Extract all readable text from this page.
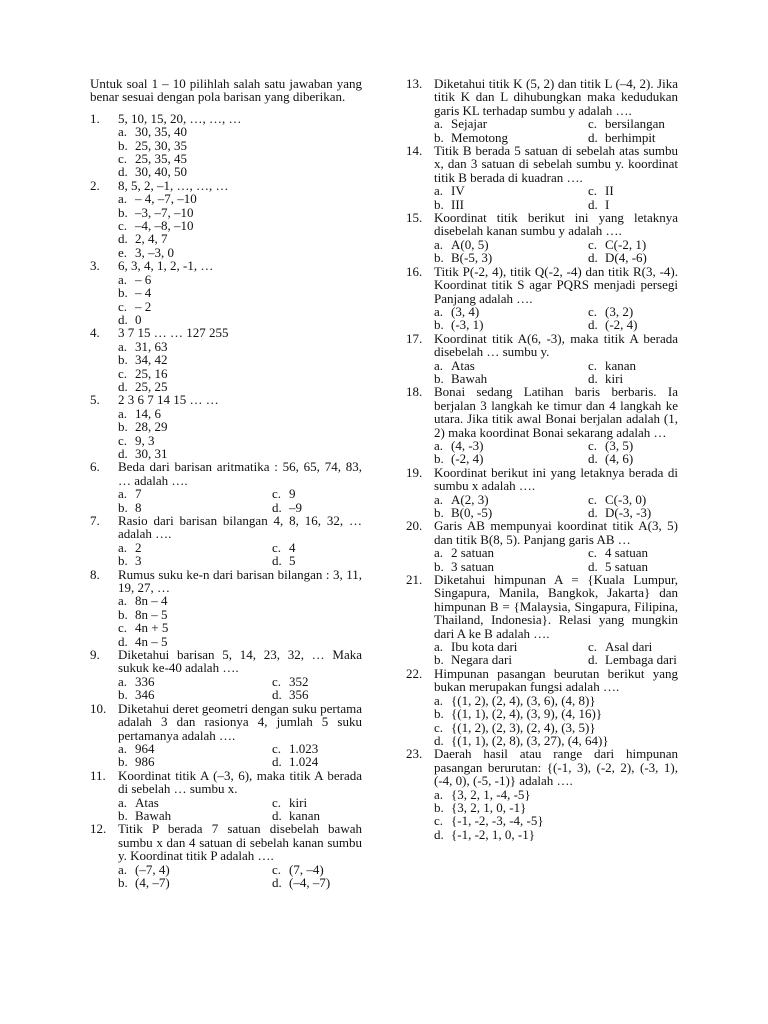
Untuk soal 1 – 10 pilihlah salah satu jawaban yang benar sesuai dengan pola barisan yang diberikan.

1.	5, 10, 15, 20, …, …, …
a. 30, 35, 40
b. 25, 30, 35
c. 25, 35, 45
d. 30, 40, 50
2.	8, 5, 2, –1, …, …, …
a. – 4, –7, –10
b. –3, –7, –10
c. –4, –8, –10
d. 2, 4, 7
e. 3, –3, 0
3.	6, 3, 4, 1, 2, -1, …
a. – 6
b. – 4
c. – 2
d. 0
4.	3 7 15 … … 127 255
a. 31, 63
b. 34, 42
c. 25, 16
d. 25, 25
5.	2 3 6 7 14 15 … …
a. 14, 6
b. 28, 29
c. 9, 3
d. 30, 31
6.	Beda dari barisan aritmatika : 56, 65, 74, 83, … adalah ….
a. 7	c. 9
b. 8	d. –9
7.	Rasio dari barisan bilangan 4, 8, 16, 32, … adalah ….
a. 2	c. 4
b. 3	d. 5
8.	Rumus suku ke-n dari barisan bilangan : 3, 11, 19, 27, …
a. 8n – 4
b. 8n – 5
c. 4n + 5
d. 4n – 5
9.	Diketahui barisan 5, 14, 23, 32, … Maka sukuk ke-40 adalah ….
a. 336	c. 352
b. 346	d. 356
10. Diketahui deret geometri dengan suku pertama adalah 3 dan rasionya 4, jumlah 5 suku pertamanya adalah ….
a. 964	c. 1.023
b. 986	d. 1.024
11. Koordinat titik A (–3, 6), maka titik A berada di sebelah … sumbu x.
a. Atas	c. kiri
b. Bawah	d. kanan
12. Titik P berada 7 satuan disebelah bawah sumbu x dan 4 satuan di sebelah kanan sumbu y. Koordinat titik P adalah ….
a. (–7, 4)	c. (7, –4)
b. (4, –7)	d. (–4, –7)
13. Diketahui titik K (5, 2) dan titik L (–4, 2). Jika titik K dan L dihubungkan maka kedudukan garis KL terhadap sumbu y adalah ….
a. Sejajar	c. bersilangan
b. Memotong	d. berhimpit
14. Titik B berada 5 satuan di sebelah atas sumbu x, dan 3 satuan di sebelah sumbu y. koordinat titik B berada di kuadran ….
a. IV	c. II
b. III	d. I
15. Koordinat titik berikut ini yang letaknya disebelah kanan sumbu y adalah ….
a. A(0, 5)	c. C(-2, 1)
b. B(-5, 3)	d. D(4, -6)
16. Titik P(-2, 4), titik Q(-2, -4) dan titik R(3, -4). Koordinat titik S agar PQRS menjadi persegi Panjang adalah ….
a. (3, 4)	c. (3, 2)
b. (-3, 1)	d. (-2, 4)
17. Koordinat titik A(6, -3), maka titik A berada disebelah … sumbu y.
a. Atas	c. kanan
b. Bawah	d. kiri
18. Bonai sedang Latihan baris berbaris. Ia berjalan 3 langkah ke timur dan 4 langkah ke utara. Jika titik awal Bonai berjalan adalah (1, 2) maka koordinat Bonai sekarang adalah …
a. (4, -3)	c. (3, 5)
b. (-2, 4)	d. (4, 6)
19. Koordinat berikut ini yang letaknya berada di sumbu x adalah ….
a. A(2, 3)	c. C(-3, 0)
b. B(0, -5)	d. D(-3, -3)
20. Garis AB mempunyai koordinat titik A(3, 5) dan titik B(8, 5). Panjang garis AB …
a. 2 satuan	c. 4 satuan
b. 3 satuan	d. 5 satuan
21. Diketahui himpunan A = {Kuala Lumpur, Singapura, Manila, Bangkok, Jakarta} dan himpunan B = {Malaysia, Singapura, Filipina, Thailand, Indonesia}. Relasi yang mungkin dari A ke B adalah ….
a. Ibu kota dari	c. Asal dari
b. Negara dari	d. Lembaga dari
22. Himpunan pasangan beurutan berikut yang bukan merupakan fungsi adalah ….
a. {(1, 2), (2, 4), (3, 6), (4, 8)}
b. {(1, 1), (2, 4), (3, 9), (4, 16)}
c. {(1, 2), (2, 3), (2, 4), (3, 5)}
d. {(1, 1), (2, 8), (3, 27), (4, 64)}
23. Daerah hasil atau range dari himpunan pasangan berurutan: {(-1, 3), (-2, 2), (-3, 1), (-4, 0), (-5, -1)} adalah ….
a. {3, 2, 1, -4, -5}
b. {3, 2, 1, 0, -1}
c. {-1, -2, -3, -4, -5}
d. {-1, -2, 1, 0, -1}
